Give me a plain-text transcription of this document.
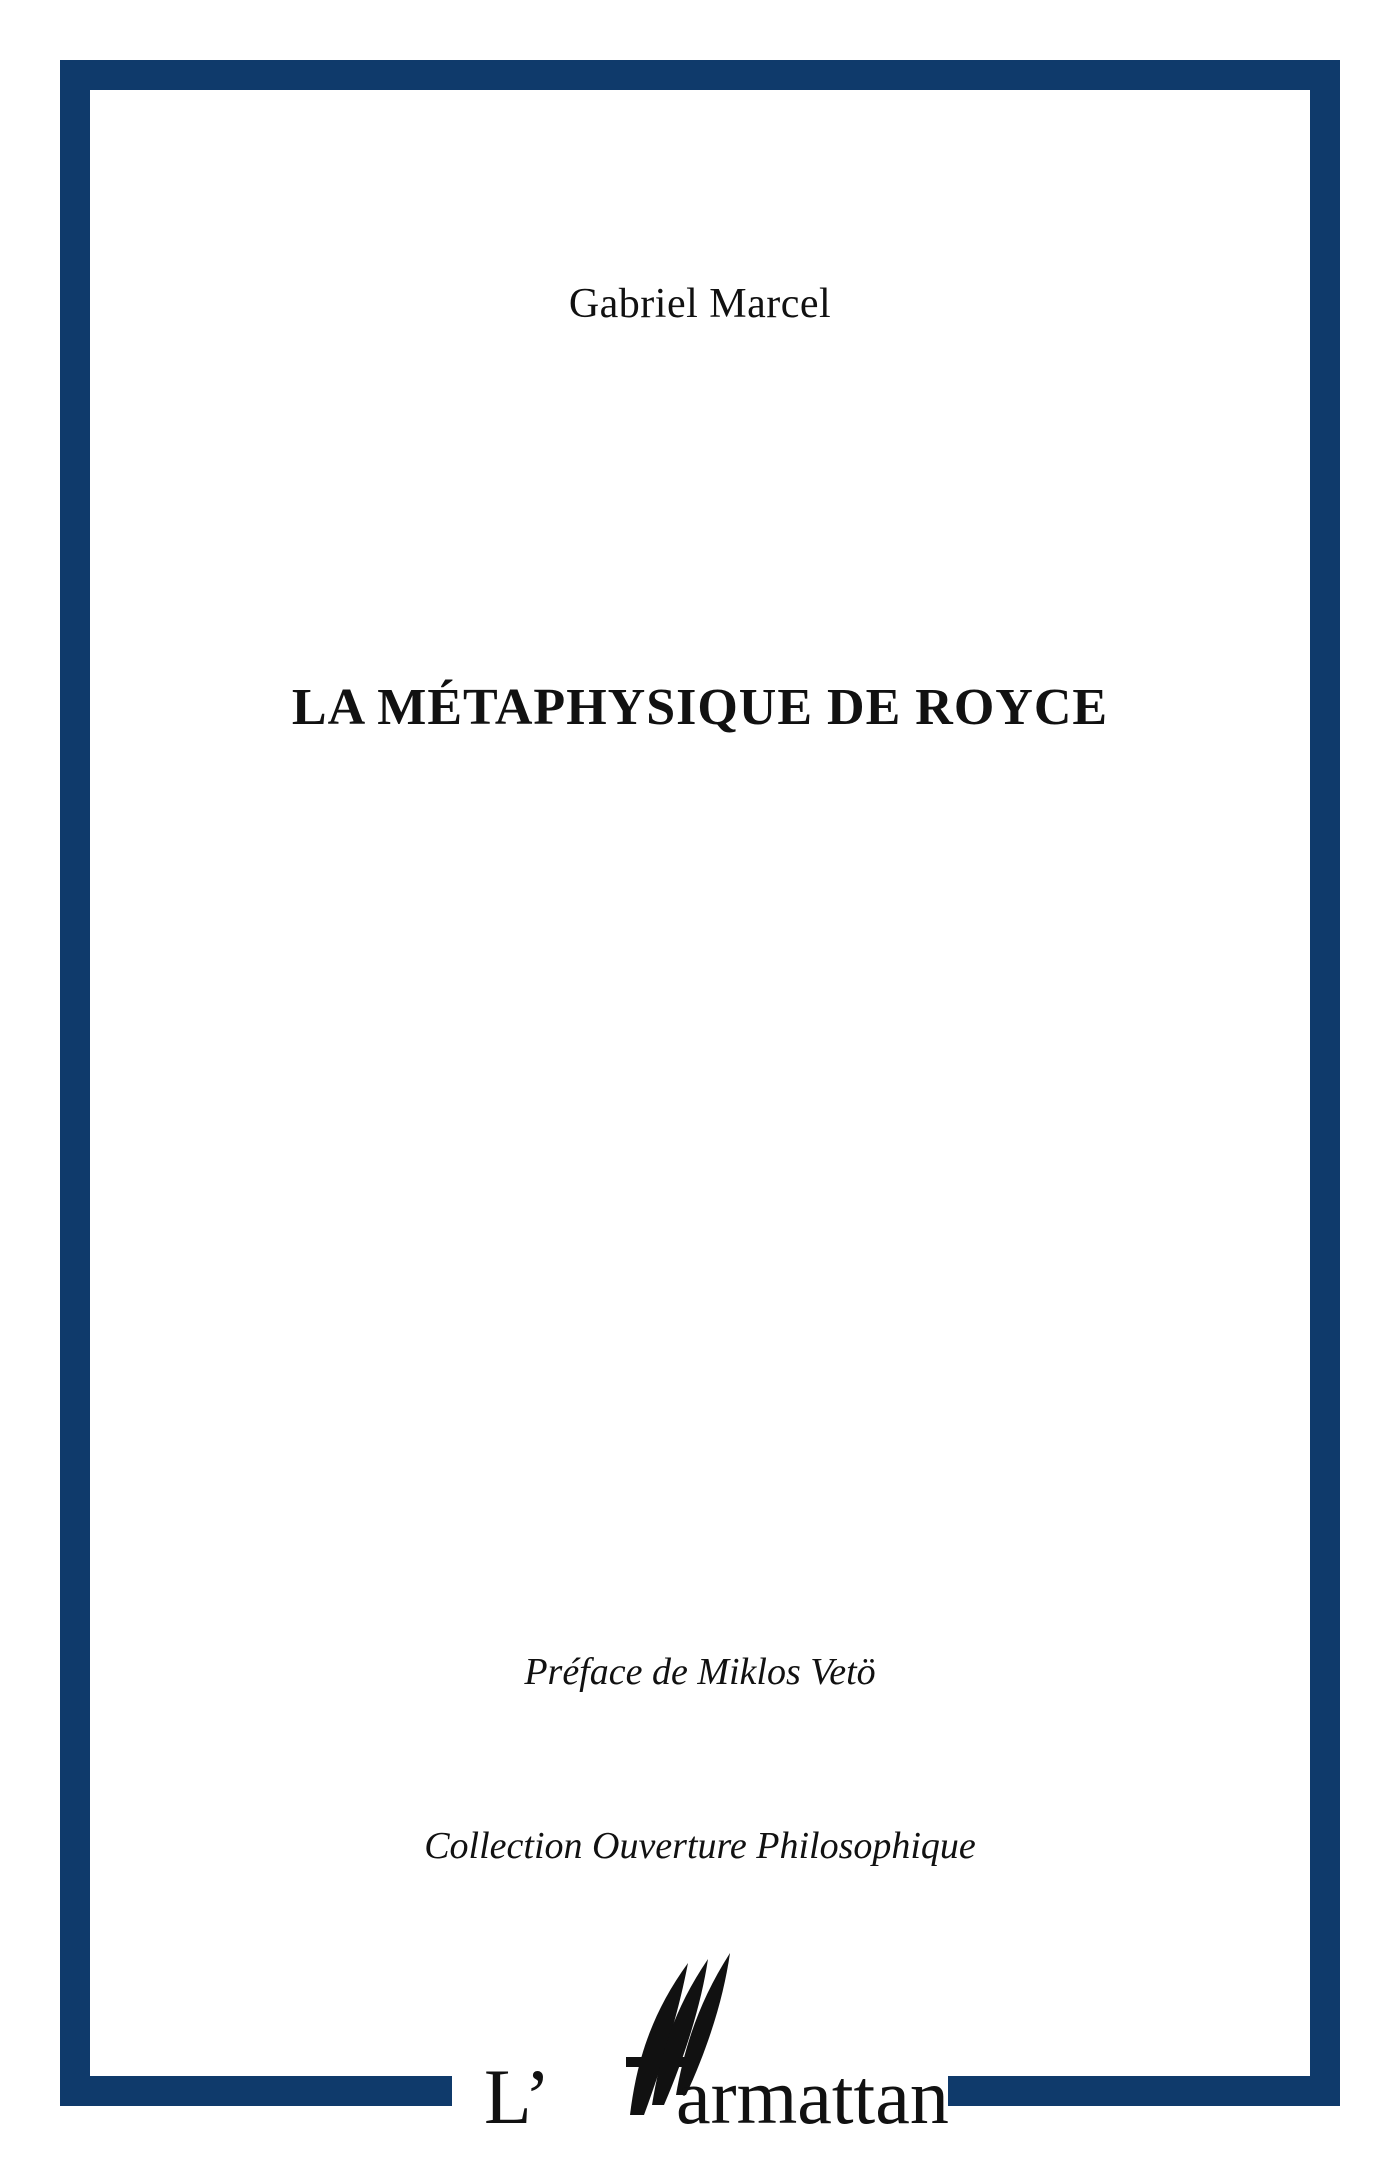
Gabriel Marcel
LA MÉTAPHYSIQUE DE ROYCE
Préface de Miklos Vetö
Collection Ouverture Philosophique
L’ armattan
